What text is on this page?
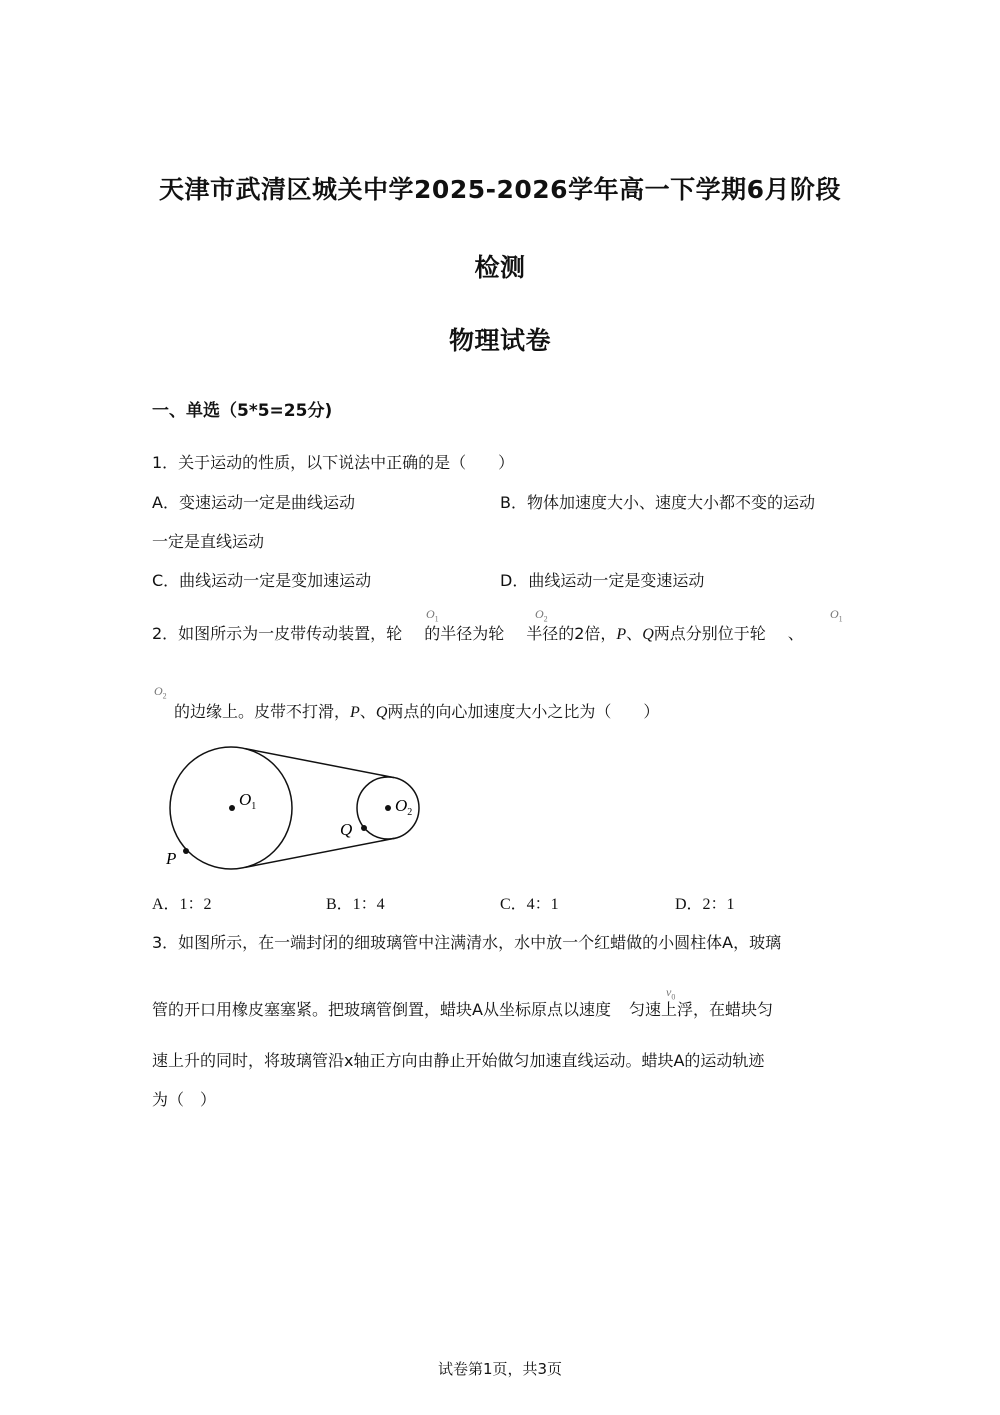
天津市武清区城关中学2025-2026学年高一下学期6月阶段
检测
物理试卷
一、单选（5*5=25分)
1．关于运动的性质，以下说法中正确的是（　　）
A．变速运动一定是曲线运动	B．物体加速度大小、速度大小都不变的运动
一定是直线运动
C．曲线运动一定是变加速运动	D．曲线运动一定是变速运动
2．如图所示为一皮带传动装置，轮 的半径为轮 半径的2倍，P、Q两点分别位于轮 、
$O_1$	$O_2$	$O_1$
$O_2$
的边缘上。皮带不打滑，P、Q两点的向心加速度大小之比为（　　）
$O_1$	$O_2$
P
Q
A．1：2	B．1：4	C．4：1	D．2：1
3．如图所示，在一端封闭的细玻璃管中注满清水，水中放一个红蜡做的小圆柱体A，玻璃
管的开口用橡皮塞塞紧。把玻璃管倒置，蜡块A从坐标原点以速度 匀速上浮，在蜡块匀
$v_0$
速上升的同时，将玻璃管沿x轴正方向由静止开始做匀加速直线运动。蜡块A的运动轨迹
为（　）
试卷第1页，共3页
